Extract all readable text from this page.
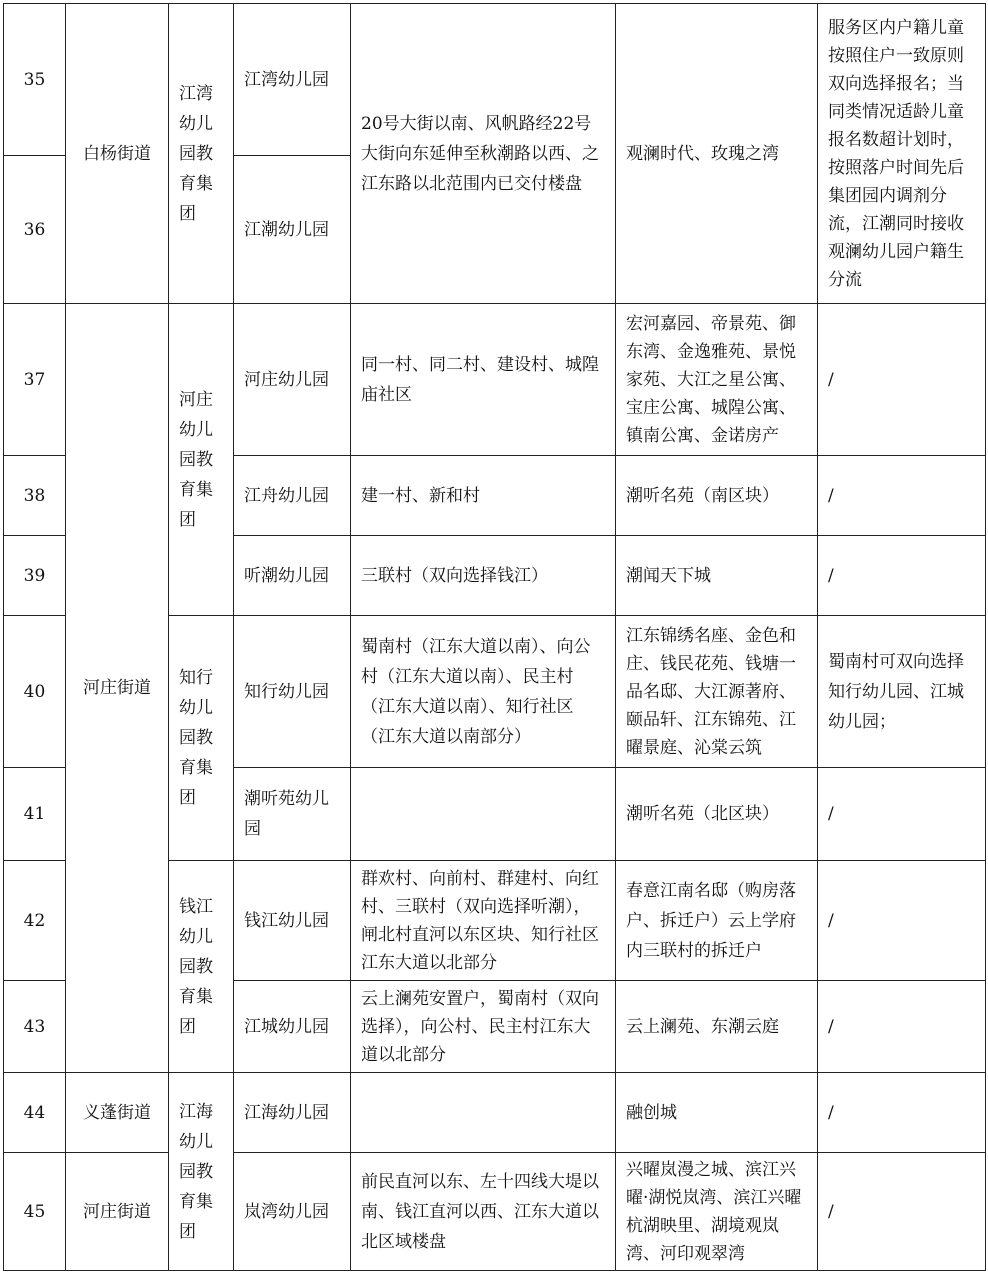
35	白杨街道	江湾幼儿园教育集团	江湾幼儿园	20号大街以南、风帆路经22号大街向东延伸至秋潮路以西、之江东路以北范围内已交付楼盘	观澜时代、玫瑰之湾	服务区内户籍儿童按照住户一致原则双向选择报名；当同类情况适龄儿童报名数超计划时，按照落户时间先后集团园内调剂分流，江潮同时接收观澜幼儿园户籍生分流
36			江潮幼儿园			
37	河庄街道	河庄幼儿园教育集团	河庄幼儿园	同一村、同二村、建设村、城隍庙社区	宏河嘉园、帝景苑、御东湾、金逸雅苑、景悦家苑、大江之星公寓、宝庄公寓、城隍公寓、镇南公寓、金诺房产	/
38			江舟幼儿园	建一村、新和村	潮听名苑（南区块）	/
39			听潮幼儿园	三联村（双向选择钱江）	潮闻天下城	/
40		知行幼儿园教育集团	知行幼儿园	蜀南村（江东大道以南）、向公村（江东大道以南）、民主村（江东大道以南）、知行社区（江东大道以南部分）	江东锦绣名座、金色和庄、钱民花苑、钱塘一品名邸、大江源著府、颐品轩、江东锦苑、江曜景庭、沁棠云筑	蜀南村可双向选择知行幼儿园、江城幼儿园；
41			潮听苑幼儿园		潮听名苑（北区块）	/
42		钱江幼儿园教育集团	钱江幼儿园	群欢村、向前村、群建村、向红村、三联村（双向选择听潮），闸北村直河以东区块、知行社区江东大道以北部分	春意江南名邸（购房落户、拆迁户）云上学府内三联村的拆迁户	/
43			江城幼儿园	云上澜苑安置户，蜀南村（双向选择），向公村、民主村江东大道以北部分	云上澜苑、东潮云庭	/
44	义蓬街道	江海幼儿园教育集团	江海幼儿园		融创城	/
45	河庄街道		岚湾幼儿园	前民直河以东、左十四线大堤以南、钱江直河以西、江东大道以北区域楼盘	兴曜岚漫之城、滨江兴曜·湖悦岚湾、滨江兴曜杭湖映里、湖境观岚湾、河印观翠湾	/
